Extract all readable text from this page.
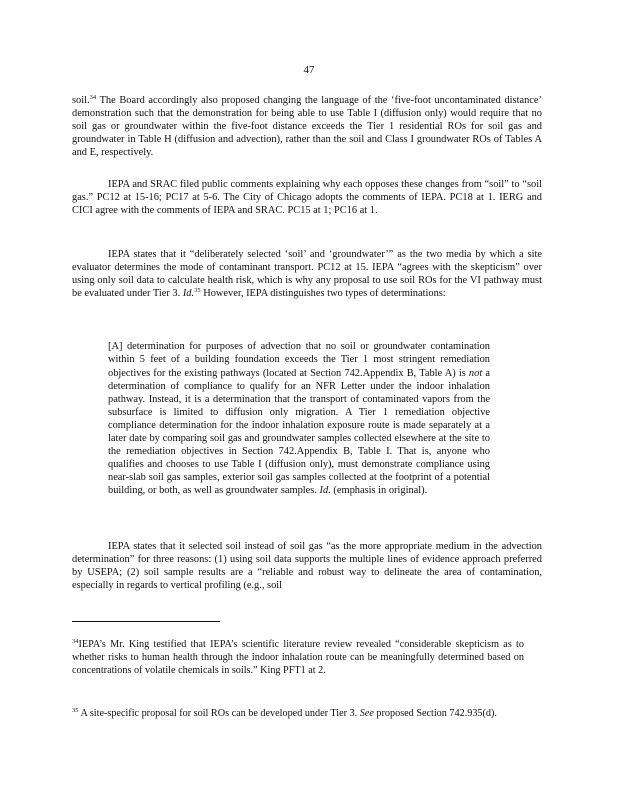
47

soil.$^{34}$ The Board accordingly also proposed changing the language of the ‘five-foot uncontaminated distance’ demonstration such that the demonstration for being able to use Table I (diffusion only) would require that no soil gas or groundwater within the five-foot distance exceeds the Tier 1 residential ROs for soil gas and groundwater in Table H (diffusion and advection), rather than the soil and Class I groundwater ROs of Tables A and E, respectively.

IEPA and SRAC filed public comments explaining why each opposes these changes from “soil” to “soil gas.” PC12 at 15-16; PC17 at 5-6. The City of Chicago adopts the comments of IEPA. PC18 at 1. IERG and CICI agree with the comments of IEPA and SRAC. PC15 at 1; PC16 at 1.

IEPA states that it “deliberately selected ‘soil’ and ‘groundwater’” as the two media by which a site evaluator determines the mode of contaminant transport. PC12 at 15. IEPA “agrees with the skepticism” over using only soil data to calculate health risk, which is why any proposal to use soil ROs for the VI pathway must be evaluated under Tier 3. Id.$^{35}$ However, IEPA distinguishes two types of determinations:

[A] determination for purposes of advection that no soil or groundwater contamination within 5 feet of a building foundation exceeds the Tier 1 most stringent remediation objectives for the existing pathways (located at Section 742.Appendix B, Table A) is not a determination of compliance to qualify for an NFR Letter under the indoor inhalation pathway. Instead, it is a determination that the transport of contaminated vapors from the subsurface is limited to diffusion only migration. A Tier 1 remediation objective compliance determination for the indoor inhalation exposure route is made separately at a later date by comparing soil gas and groundwater samples collected elsewhere at the site to the remediation objectives in Section 742.Appendix B, Table I. That is, anyone who qualifies and chooses to use Table I (diffusion only), must demonstrate compliance using near-slab soil gas samples, exterior soil gas samples collected at the footprint of a potential building, or both, as well as groundwater samples. Id. (emphasis in original).

IEPA states that it selected soil instead of soil gas “as the more appropriate medium in the advection determination” for three reasons: (1) using soil data supports the multiple lines of evidence approach preferred by USEPA; (2) soil sample results are a “reliable and robust way to delineate the area of contamination, especially in regards to vertical profiling (e.g., soil

$^{34}$IEPA’s Mr. King testified that IEPA’s scientific literature review revealed “considerable skepticism as to whether risks to human health through the indoor inhalation route can be meaningfully determined based on concentrations of volatile chemicals in soils.” King PFT1 at 2.

$^{35}$ A site-specific proposal for soil ROs can be developed under Tier 3. See proposed Section 742.935(d).
